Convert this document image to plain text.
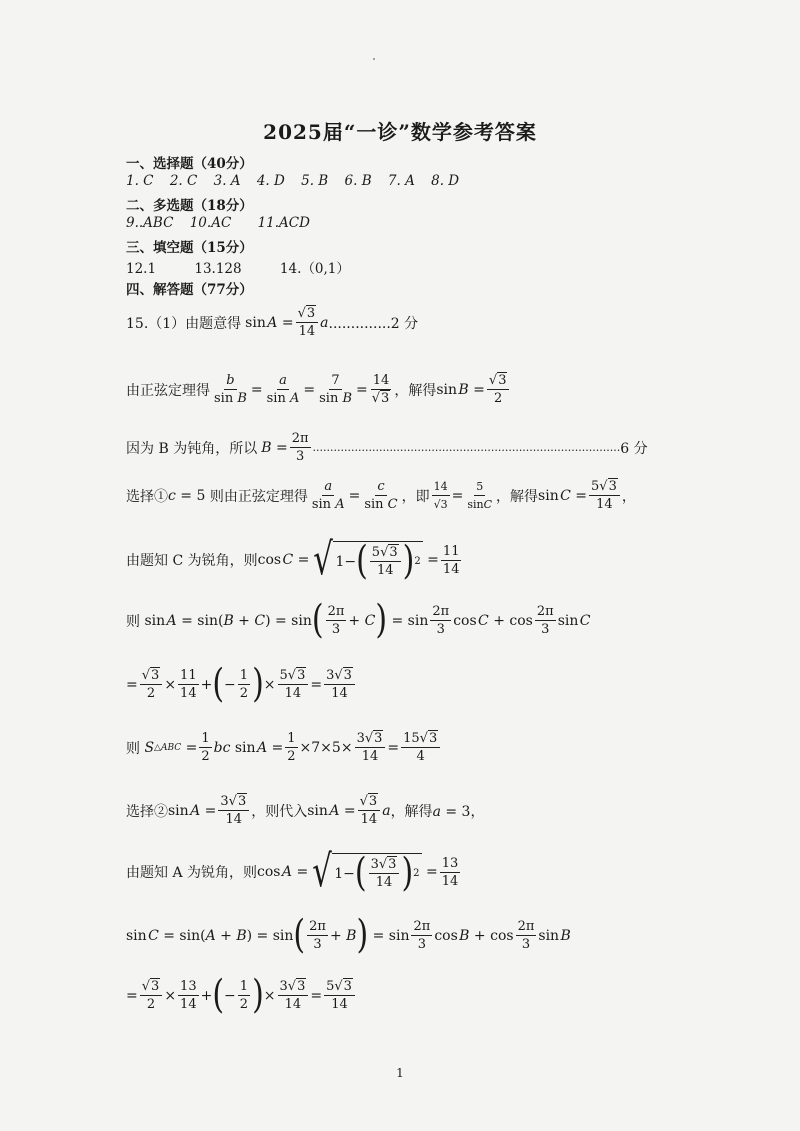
2025届“一诊”数学参考答案
一、选择题（40分）
1. C 2. C 3. A 4. D 5. B 6. B 7. A 8. D
二、多选题（18分）
9..ABC 10.AC 11.ACD
三、填空题（15分）
12.1	13.128	14.（0,1）
四、解答题（77分）
15.（1）由题意得 sin $A = \frac{√3}{14}$ a ..............2 分
由正弦定理得 $\frac{b}{\text{sin B}} = \frac{a}{\text{sin A}} = \frac{7}{\text{sin B}} = \frac{14}{√3}$ ，解得 sin $B = \frac{√3}{2}$
因为 B 为钝角，所以 $B = \frac{2\pi}{3}$ ........................................................................................ 6 分
选择① c = 5 则由正弦定理得 $\frac{a}{\text{sin A}} = \frac{c}{\text{sin C}}$ ，即 $\frac{14}{√3} = \frac{5}{\sin C}$ ，解得 sin $C = \frac{5√3}{14}$ ，
由题知 C 为锐角，则 cos C = √ 1− ( $\frac{5√3}{14}$ ) $2 = \frac{11}{14}$
则 sin A = sin(B + C) = sin ( $\frac{2\pi}{3} + C$ ) = $\sin \frac{2\pi}{3}$ cos $C + \cos \frac{2\pi}{3}$ sin C
= $\frac{√3}{2} \times \frac{11}{14}$ + ( − $\frac{1}{2}$ ) × $\frac{5√3}{14} = \frac{3√3}{14}$
则 S △ABC = $\frac{1}{2}$ bc sin $A = \frac{1}{2} \times 7\times 5\times \frac{3√3}{14} = \frac{15√3}{4}$
选择② sin $A = \frac{3√3}{14}$ ，则代入 sin $A = \frac{√3}{14}$ a ，解得 a = 3，
由题知 A 为锐角，则 cos A = √ 1− ( $\frac{3√3}{14}$ ) $2 = \frac{13}{14}$
sin C = sin(A + B) = sin ( $\frac{2\pi}{3} + B$ ) = $\sin \frac{2\pi}{3}$ cos $B + \cos \frac{2\pi}{3}$ sin B
= $\frac{√3}{2} \times \frac{13}{14}$ + ( − $\frac{1}{2}$ ) × $\frac{3√3}{14} = \frac{5√3}{14}$
1
